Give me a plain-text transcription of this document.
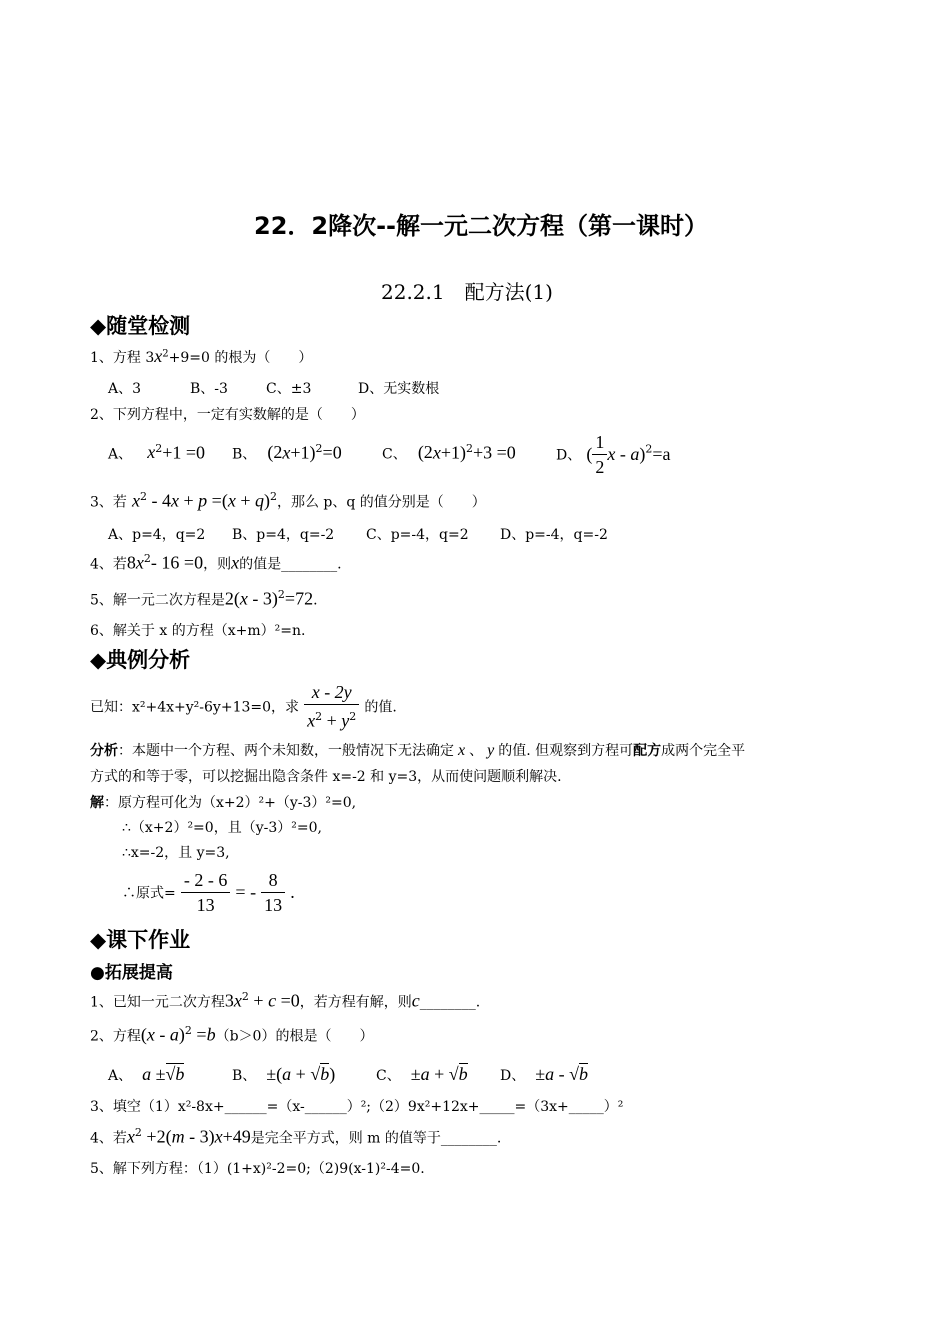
22．2降次--解一元二次方程（第一课时）
22.2.1　配方法(1)
◆随堂检测
1、方程 $3x^2+9=0$ 的根为（　　）
A、3	B、-3	C、±3	D、无实数根
2、下列方程中，一定有实数解的是（　　）
A、 $x^2+1 =0$ B、 $(2x+1)^2=0$	C、 $(2x+1)^2+3 =0$	D、 ( $\frac{1}{2}$ x - a)$^2$=a
3、若 $x^2 - 4x + p =(x + q)^2$，那么 p、q 的值分别是（　　）
A、p=4，q=2 B、p=4，q=-2 C、p=-4，q=2 D、p=-4，q=-2
4、若$8x^2-$ 16 =0，则x的值是________.
5、解一元二次方程是2(x - 3)$^2$=72.
6、解关于 x 的方程（x+m）²=n.
◆典例分析
已知：x²+4x+y²-6y+13=0，求 $\frac{x - 2y}{x^2 + y^2}$ 的值.
分析：本题中一个方程、两个未知数，一般情况下无法确定 x 、 y 的值. 但观察到方程可配方成两个完全平
方式的和等于零，可以挖掘出隐含条件 x=-2 和 y=3，从而使问题顺利解决.
解：原方程可化为（x+2）²+（y-3）²=0,
∴（x+2）²=0，且（y-3）²=0,
∴x=-2，且 y=3,
∴原式= $\frac{- 2 - 6}{13}$ = - $\frac{8}{13}$ .
◆课下作业
●拓展提高
1、已知一元二次方程$3x^2 + c =0$，若方程有解，则c________.
2、方程(x - a)$^2$ =b（b＞0）的根是（　　）
A、 a ±√b	B、 ±(a + √b)	C、 ±a + √b D、 ±a - √b
3、填空（1）x²-8x+______=（x-______）²;（2）9x²+12x+_____=（3x+_____）²
4、若$x^2 +2(m - 3)x+49$是完全平方式，则 m 的值等于________.
5、解下列方程：（1）(1+x)²-2=0;（2)9(x-1)²-4=0.
